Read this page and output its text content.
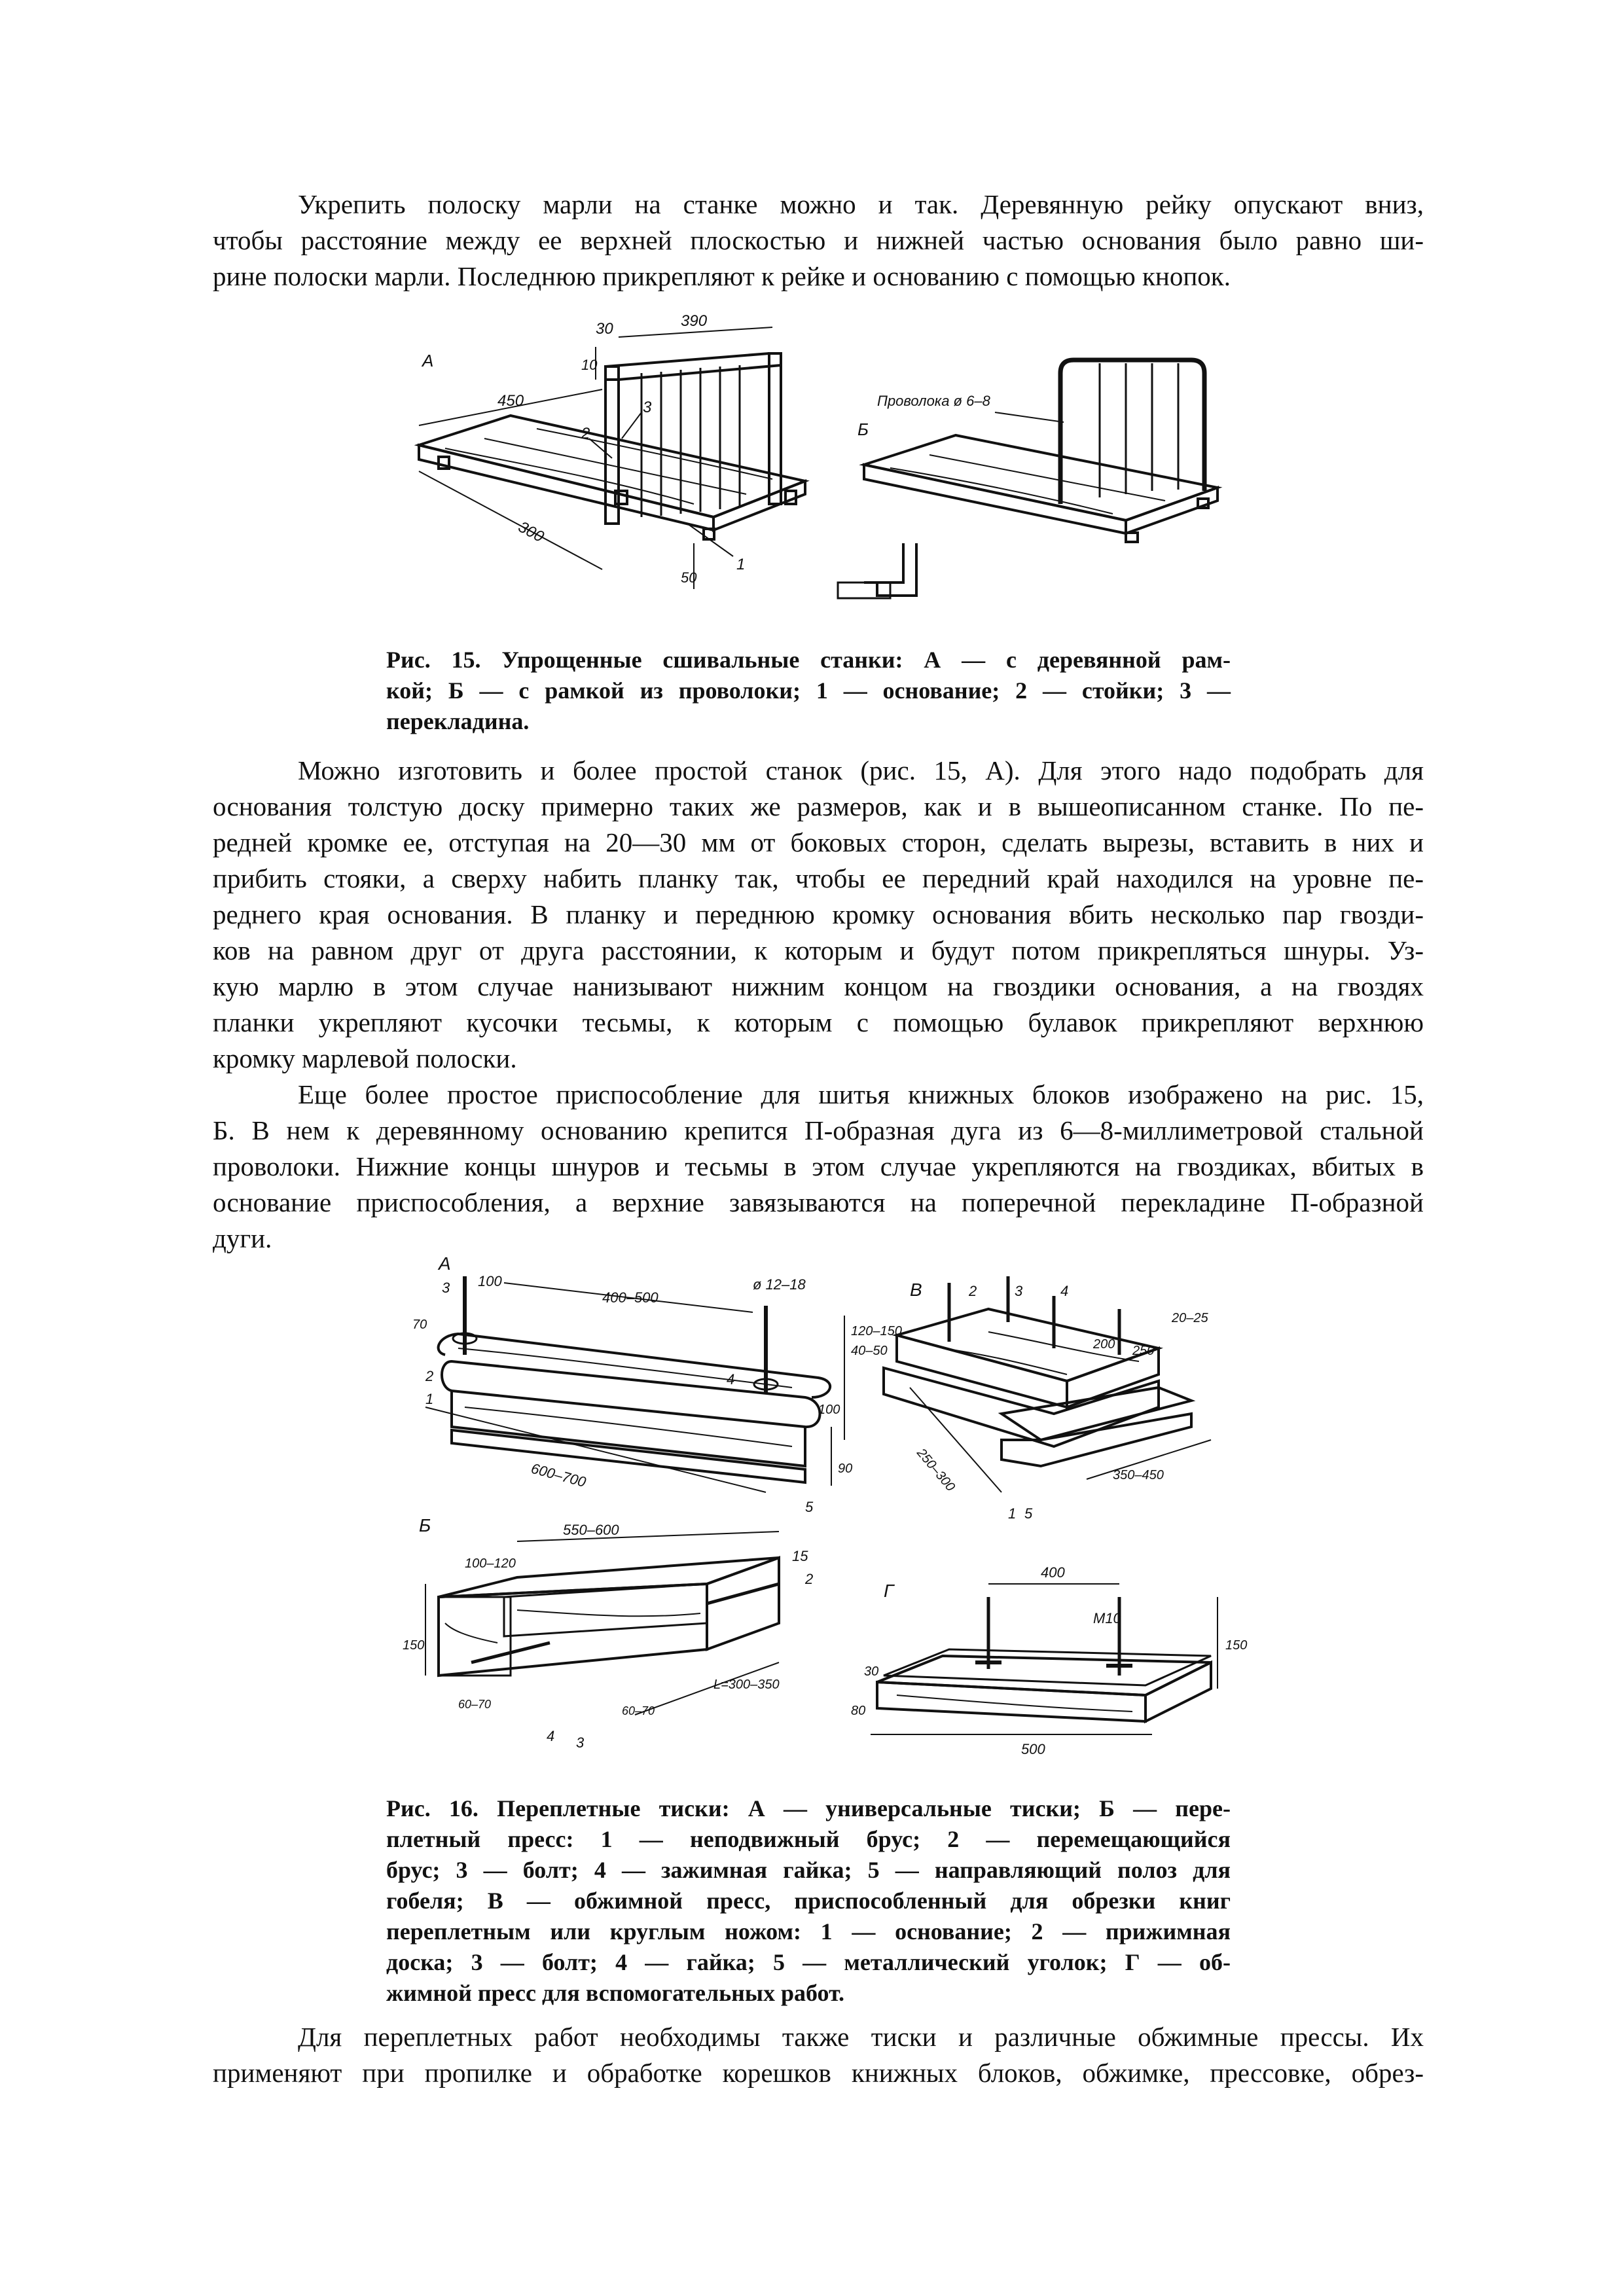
Укрепить полоску марли на станке можно и так. Деревянную рейку опускают вниз,
чтобы расстояние между ее верхней плоскостью и нижней частью основания было равно ши-
рине полоски марли. Последнюю прикрепляют к рейке и основанию с помощью кнопок.
А
30	390
10
450
300
50
3
2
1
Б
Проволока ø 6–8
Рис. 15. Упрощенные сшивальные станки: А — с деревянной рам-
кой; Б — с рамкой из проволоки; 1 — основание; 2 — стойки; 3 —
перекладина.
Можно изготовить и более простой станок (рис. 15, А). Для этого надо подобрать для
основания толстую доску примерно таких же размеров, как и в вышеописанном станке. По пе-
редней кромке ее, отступая на 20—30 мм от боковых сторон, сделать вырезы, вставить в них и
прибить стояки, а сверху набить планку так, чтобы ее передний край находился на уровне пе-
реднего края основания. В планку и переднюю кромку основания вбить несколько пар гвозди-
ков на равном друг от друга расстоянии, к которым и будут потом прикрепляться шнуры. Уз-
кую марлю в этом случае нанизывают нижним концом на гвоздики основания, а на гвоздях
планки укрепляют кусочки тесьмы, к которым с помощью булавок прикрепляют верхнюю
кромку марлевой полоски.
Еще более простое приспособление для шитья книжных блоков изображено на рис. 15,
Б. В нем к деревянному основанию крепится П-образная дуга из 6—8-миллиметровой стальной
проволоки. Нижние концы шнуров и тесьмы в этом случае укрепляются на гвоздиках, вбитых в
основание приспособления, а верхние завязываются на поперечной перекладине П-образной
дуги.
А
100
400–500
ø 12–18
120–150
40–50
100
90
70
600–700
3
2
1
4
5
В	2	3	4
200 250
20–25
250–300	350–450
1 5
Б	550–600
100–120	15
2
150
L=300–350
60–70	60–70
4 3
Г
400
M10
150
30
80
500
Рис. 16. Переплетные тиски: А — универсальные тиски; Б — пере-
плетный пресс: 1 — неподвижный брус; 2 — перемещающийся
брус; 3 — болт; 4 — зажимная гайка; 5 — направляющий полоз для
гобеля; В — обжимной пресс, приспособленный для обрезки книг
переплетным или круглым ножом: 1 — основание; 2 — прижимная
доска; 3 — болт; 4 — гайка; 5 — металлический уголок; Г — об-
жимной пресс для вспомогательных работ.
Для переплетных работ необходимы также тиски и различные обжимные прессы. Их
применяют при пропилке и обработке корешков книжных блоков, обжимке, прессовке, обрез-
